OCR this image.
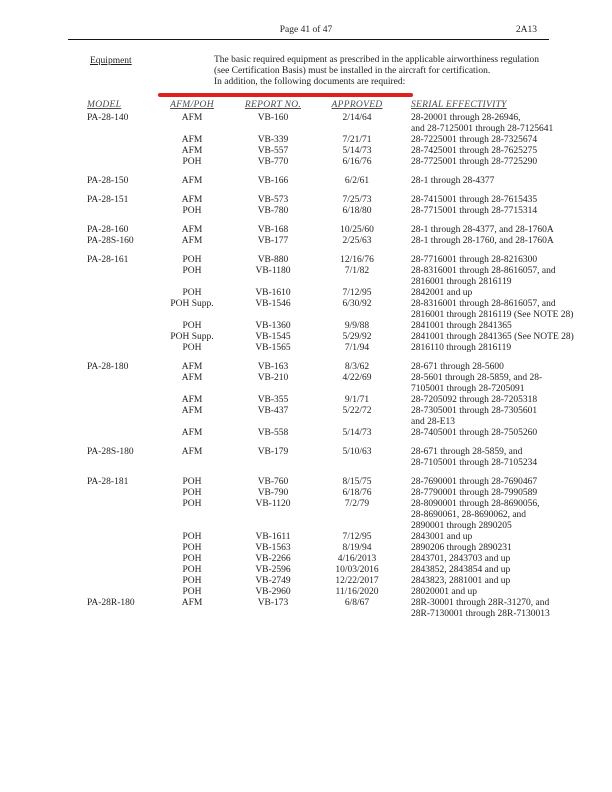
Page 41 of 47	2A13
Equipment	The basic required equipment as prescribed in the applicable airworthiness regulation
(see Certification Basis) must be installed in the aircraft for certification.
In addition, the following documents are required:
MODEL	AFM/POH	REPORT NO.	APPROVED	SERIAL EFFECTIVITY
PA-28-140	AFM	VB-160	2/14/64	28-20001 through 28-26946,
and 28-7125001 through 28-7125641
AFM	VB-339	7/21/71	28-7225001 through 28-7325674
AFM	VB-557	5/14/73	28-7425001 through 28-7625275
POH	VB-770	6/16/76	28-7725001 through 28-7725290
PA-28-150	AFM	VB-166	6/2/61	28-1 through 28-4377
PA-28-151	AFM	VB-573	7/25/73	28-7415001 through 28-7615435
POH	VB-780	6/18/80	28-7715001 through 28-7715314
PA-28-160	AFM	VB-168	10/25/60	28-1 through 28-4377, and 28-1760A
PA-28S-160	AFM	VB-177	2/25/63	28-1 through 28-1760, and 28-1760A
PA-28-161	POH	VB-880	12/16/76	28-7716001 through 28-8216300
POH	VB-1180	7/1/82	28-8316001 through 28-8616057, and
2816001 through 2816119
POH	VB-1610	7/12/95	2842001 and up
POH Supp.	VB-1546	6/30/92	28-8316001 through 28-8616057, and
2816001 through 2816119 (See NOTE 28)
POH	VB-1360	9/9/88	2841001 through 2841365
POH Supp.	VB-1545	5/29/92	2841001 through 2841365 (See NOTE 28)
POH	VB-1565	7/1/94	2816110 through 2816119
PA-28-180	AFM	VB-163	8/3/62	28-671 through 28-5600
AFM	VB-210	4/22/69	28-5601 through 28-5859, and 28-
7105001 through 28-7205091
AFM	VB-355	9/1/71	28-7205092 through 28-7205318
AFM	VB-437	5/22/72	28-7305001 through 28-7305601
and 28-E13
AFM	VB-558	5/14/73	28-7405001 through 28-7505260
PA-28S-180	AFM	VB-179	5/10/63	28-671 through 28-5859, and
28-7105001 through 28-7105234
PA-28-181	POH	VB-760	8/15/75	28-7690001 through 28-7690467
POH	VB-790	6/18/76	28-7790001 through 28-7990589
POH	VB-1120	7/2/79	28-8090001 through 28-8690056,
28-8690061, 28-8690062, and
2890001 through 2890205
POH	VB-1611	7/12/95	2843001 and up
POH	VB-1563	8/19/94	2890206 through 2890231
POH	VB-2266	4/16/2013	2843701, 2843703 and up
POH	VB-2596	10/03/2016	2843852, 2843854 and up
POH	VB-2749	12/22/2017	2843823, 2881001 and up
POH	VB-2960	11/16/2020	28020001 and up
PA-28R-180	AFM	VB-173	6/8/67	28R-30001 through 28R-31270, and
28R-7130001 through 28R-7130013
